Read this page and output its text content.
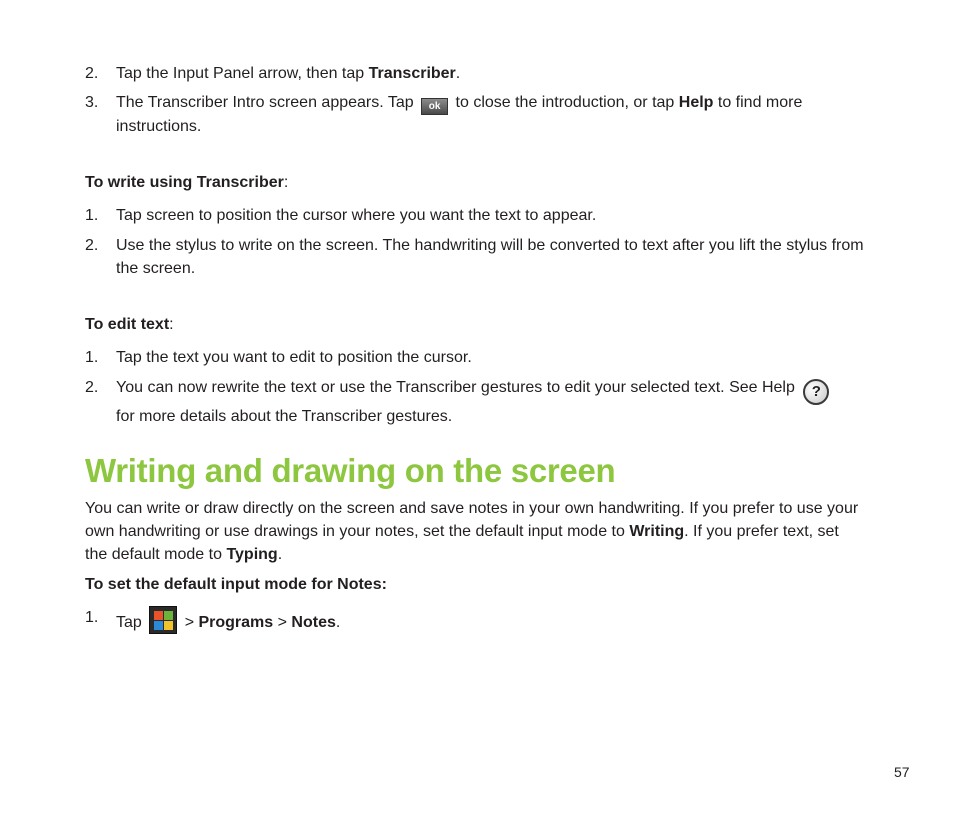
2. Tap the Input Panel arrow, then tap Transcriber.
3. The Transcriber Intro screen appears. Tap ok to close the introduction, or tap Help to find more instructions.
To write using Transcriber:
1. Tap screen to position the cursor where you want the text to appear.
2. Use the stylus to write on the screen. The handwriting will be converted to text after you lift the stylus from the screen.
To edit text:
1. Tap the text you want to edit to position the cursor.
2. You can now rewrite the text or use the Transcriber gestures to edit your selected text. See Help ?
for more details about the Transcriber gestures.
Writing and drawing on the screen
You can write or draw directly on the screen and save notes in your own handwriting. If you prefer to use your own handwriting or use drawings in your notes, set the default input mode to Writing. If you prefer text, set the default mode to Typing.
To set the default input mode for Notes:
1. Tap
> Programs > Notes.
57
